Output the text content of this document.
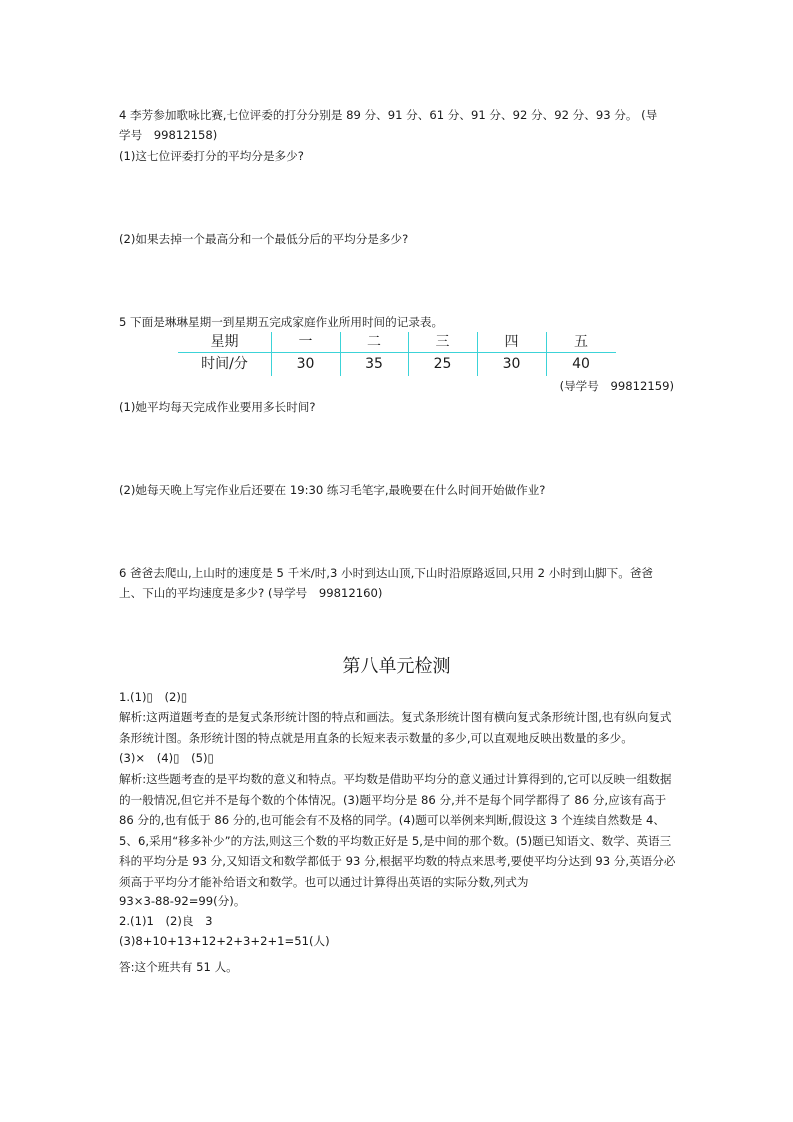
4 李芳参加歌咏比赛,七位评委的打分分别是 89 分、91 分、61 分、91 分、92 分、92 分、93 分。 (导
学号　99812158)
(1)这七位评委打分的平均分是多少?
(2)如果去掉一个最高分和一个最低分后的平均分是多少?
5 下面是琳琳星期一到星期五完成家庭作业所用时间的记录表。
星期	一	二	三	四	五
时间/分	30	35	25	30	40
(导学号　99812159)
(1)她平均每天完成作业要用多长时间?
(2)她每天晚上写完作业后还要在 19:30 练习毛笔字,最晚要在什么时间开始做作业?
6 爸爸去爬山,上山时的速度是 5 千米/时,3 小时到达山顶,下山时沿原路返回,只用 2 小时到山脚下。爸爸
上、下山的平均速度是多少? (导学号　99812160)
第八单元检测
1.(1)▯　(2)▯
解析:这两道题考查的是复式条形统计图的特点和画法。复式条形统计图有横向复式条形统计图,也有纵向复式条形统计图。条形统计图的特点就是用直条的长短来表示数量的多少,可以直观地反映出数量的多少。
(3)×　(4)▯　(5)▯
解析:这些题考查的是平均数的意义和特点。平均数是借助平均分的意义通过计算得到的,它可以反映一组数据的一般情况,但它并不是每个数的个体情况。(3)题平均分是 86 分,并不是每个同学都得了 86 分,应该有高于 86 分的,也有低于 86 分的,也可能会有不及格的同学。(4)题可以举例来判断,假设这 3 个连续自然数是 4、5、6,采用“移多补少”的方法,则这三个数的平均数正好是 5,是中间的那个数。(5)题已知语文、数学、英语三科的平均分是 93 分,又知语文和数学都低于 93 分,根据平均数的特点来思考,要使平均分达到 93 分,英语分必须高于平均分才能补给语文和数学。也可以通过计算得出英语的实际分数,列式为
93×3-88-92=99(分)。
2.(1)1　(2)良　3
(3)8+10+13+12+2+3+2+1=51(人)
答:这个班共有 51 人。
